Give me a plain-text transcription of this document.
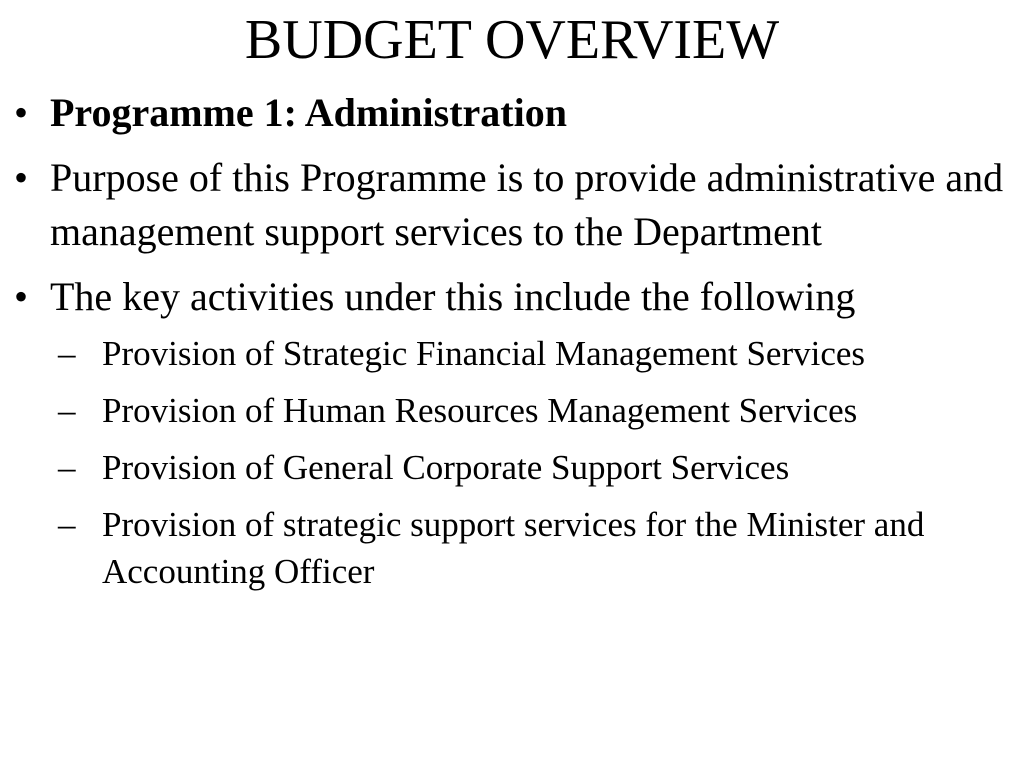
BUDGET OVERVIEW
• Programme 1: Administration
• Purpose of this Programme is to provide administrative and management support services to the Department
• The key activities under this include the following
– Provision of Strategic Financial Management Services
– Provision of Human Resources Management Services
– Provision of General Corporate Support Services
– Provision of strategic support services for the Minister and Accounting Officer
